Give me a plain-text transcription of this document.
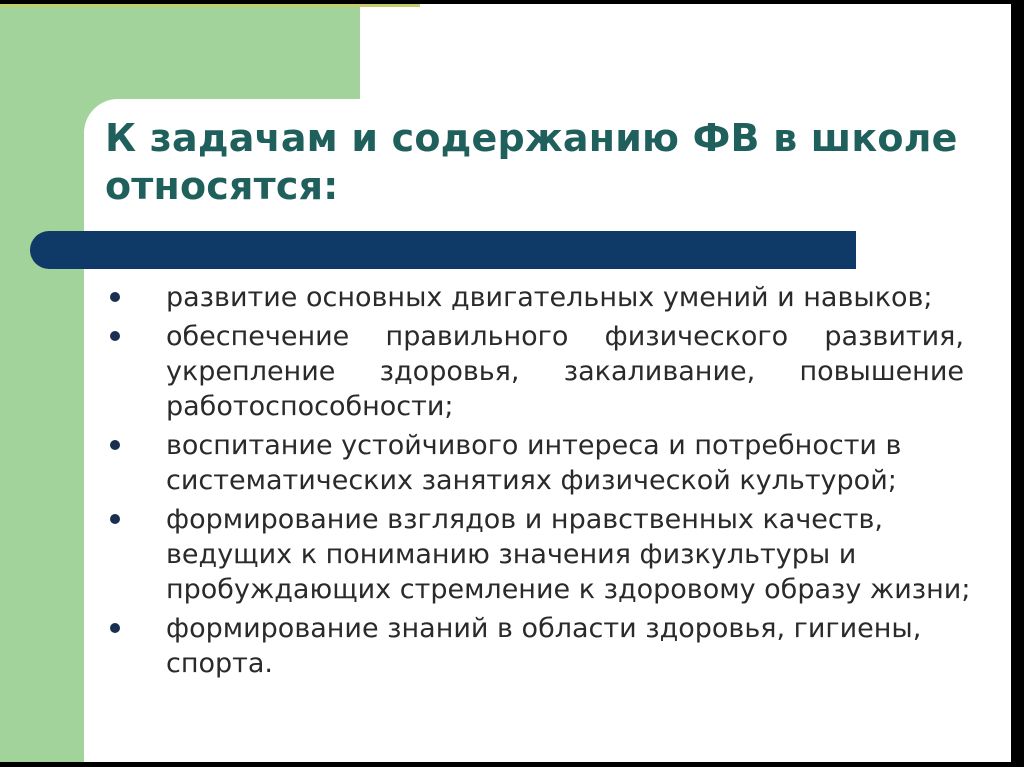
К задачам и содержанию ФВ в школе
относятся:
развитие основных двигательных умений и навыков;
обеспечение правильного физического развития, укрепление здоровья, закаливание, повышение работоспособности;
воспитание устойчивого интереса и потребности в систематических занятиях физической культурой;
формирование взглядов и нравственных качеств, ведущих к пониманию значения физкультуры и пробуждающих стремление к здоровому образу жизни;
формирование знаний в области здоровья, гигиены, спорта.
